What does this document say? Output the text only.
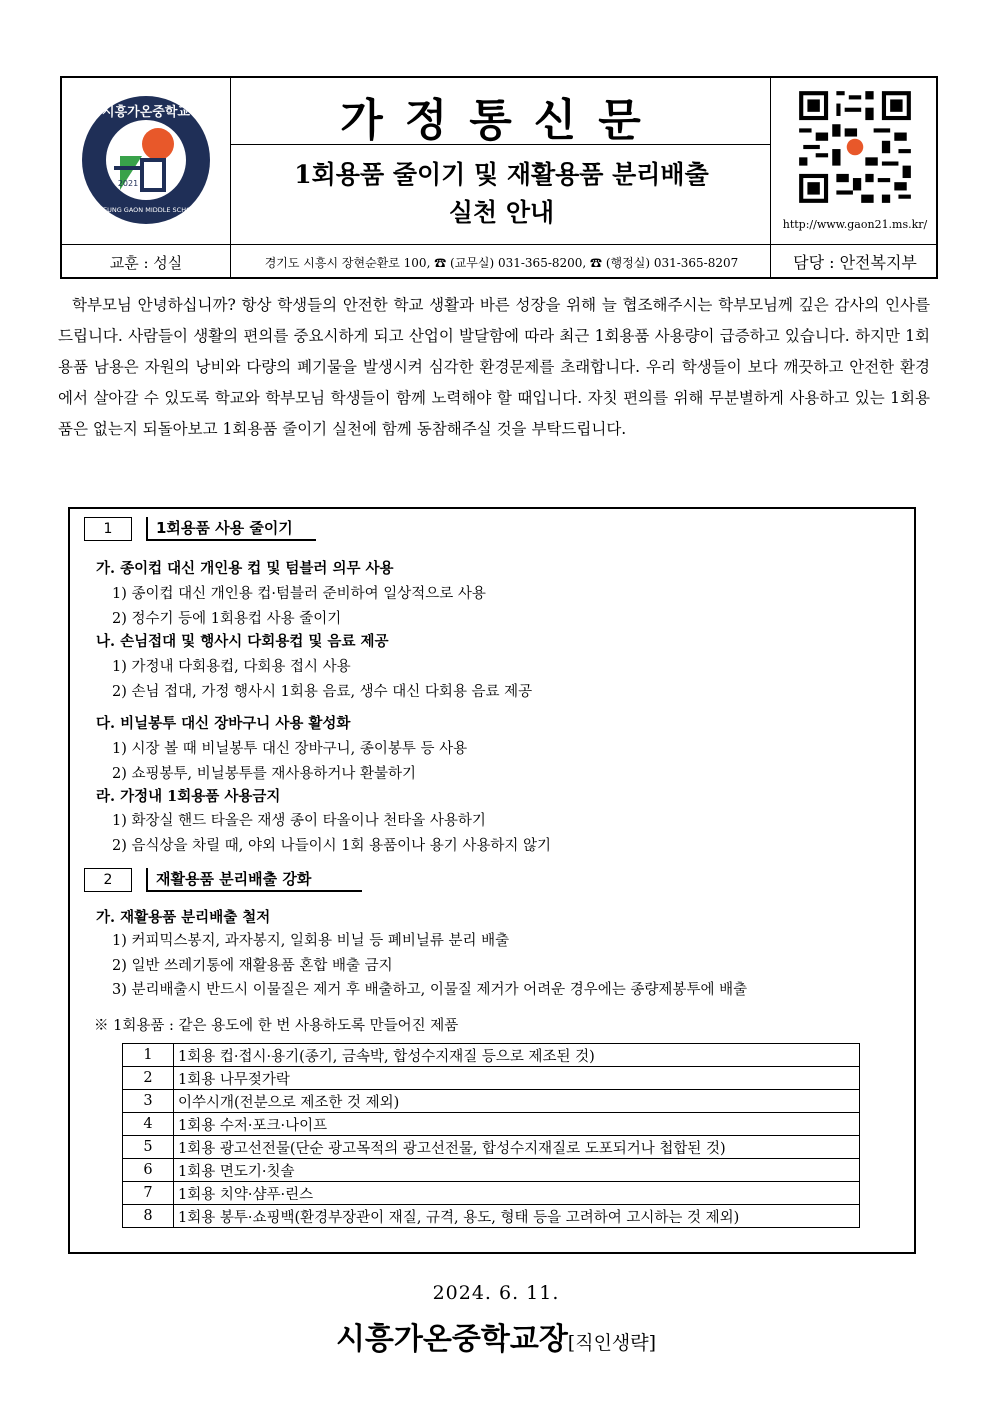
시흥가온중학교
SIHEUNG GAON MIDDLE SCHOOL
2021
가정통신문
1회용품 줄이기 및 재활용품 분리배출
실천 안내	http://www.gaon21.ms.kr/
교훈 : 성실	경기도 시흥시 장현순환로 100, ☎ (교무실) 031-365-8200, ☎ (행정실) 031-365-8207	담당 : 안전복지부

학부모님 안녕하십니까? 항상 학생들의 안전한 학교 생활과 바른 성장을 위해 늘 협조해주시는 학부모님께 깊은 감사의 인사를 드립니다. 사람들이 생활의 편의를 중요시하게 되고 산업이 발달함에 따라 최근 1회용품 사용량이 급증하고 있습니다. 하지만 1회용품 남용은 자원의 낭비와 다량의 폐기물을 발생시켜 심각한 환경문제를 초래합니다. 우리 학생들이 보다 깨끗하고 안전한 환경에서 살아갈 수 있도록 학교와 학부모님 학생들이 함께 노력해야 할 때입니다. 자칫 편의를 위해 무분별하게 사용하고 있는 1회용품은 없는지 되돌아보고 1회용품 줄이기 실천에 함께 동참해주실 것을 부탁드립니다.

1	1회용품 사용 줄이기
가. 종이컵 대신 개인용 컵 및 텀블러 의무 사용
1) 종이컵 대신 개인용 컵·텀블러 준비하여 일상적으로 사용
2) 정수기 등에 1회용컵 사용 줄이기
나. 손님접대 및 행사시 다회용컵 및 음료 제공
1) 가정내 다회용컵, 다회용 접시 사용
2) 손님 접대, 가정 행사시 1회용 음료, 생수 대신 다회용 음료 제공
다. 비닐봉투 대신 장바구니 사용 활성화
1) 시장 볼 때 비닐봉투 대신 장바구니, 종이봉투 등 사용
2) 쇼핑봉투, 비닐봉투를 재사용하거나 환불하기
라. 가정내 1회용품 사용금지
1) 화장실 핸드 타올은 재생 종이 타올이나 천타올 사용하기
2) 음식상을 차릴 때, 야외 나들이시 1회 용품이나 용기 사용하지 않기
2	재활용품 분리배출 강화
가. 재활용품 분리배출 철저
1) 커피믹스봉지, 과자봉지, 일회용 비닐 등 폐비닐류 분리 배출
2) 일반 쓰레기통에 재활용품 혼합 배출 금지
3) 분리배출시 반드시 이물질은 제거 후 배출하고, 이물질 제거가 어려운 경우에는 종량제봉투에 배출
※ 1회용품 : 같은 용도에 한 번 사용하도록 만들어진 제품
1	1회용 컵·접시·용기(종기, 금속박, 합성수지재질 등으로 제조된 것)
2	1회용 나무젖가락
3	이쑤시개(전분으로 제조한 것 제외)
4	1회용 수저·포크·나이프
5	1회용 광고선전물(단순 광고목적의 광고선전물, 합성수지재질로 도포되거나 첩합된 것)
6	1회용 면도기·칫솔
7	1회용 치약·샴푸·린스
8	1회용 봉투·쇼핑백(환경부장관이 재질, 규격, 용도, 형태 등을 고려하여 고시하는 것 제외)
2024. 6. 11.
시흥가온중학교장[직인생략]
